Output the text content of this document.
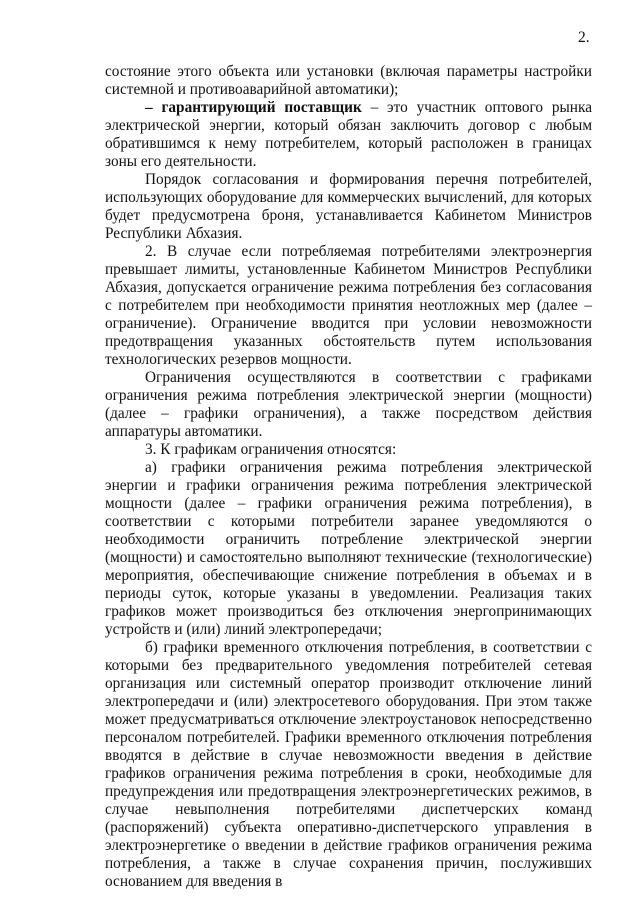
2.

состояние этого объекта или установки (включая параметры настройки системной и противоаварийной автоматики);

– гарантирующий поставщик – это участник оптового рынка электрической энергии, который обязан заключить договор с любым обратившимся к нему потребителем, который расположен в границах зоны его деятельности.

Порядок согласования и формирования перечня потребителей, использующих оборудование для коммерческих вычислений, для которых будет предусмотрена броня, устанавливается Кабинетом Министров Республики Абхазия.

2. В случае если потребляемая потребителями электроэнергия превышает лимиты, установленные Кабинетом Министров Республики Абхазия, допускается ограничение режима потребления без согласования с потребителем при необходимости принятия неотложных мер (далее – ограничение). Ограничение вводится при условии невозможности предотвращения указанных обстоятельств путем использования технологических резервов мощности.

Ограничения осуществляются в соответствии с графиками ограничения режима потребления электрической энергии (мощности) (далее – графики ограничения), а также посредством действия аппаратуры автоматики.

3. К графикам ограничения относятся:

а) графики ограничения режима потребления электрической энергии и графики ограничения режима потребления электрической мощности (далее – графики ограничения режима потребления), в соответствии с которыми потребители заранее уведомляются о необходимости ограничить потребление электрической энергии (мощности) и самостоятельно выполняют технические (технологические) мероприятия, обеспечивающие снижение потребления в объемах и в периоды суток, которые указаны в уведомлении. Реализация таких графиков может производиться без отключения энергопринимающих устройств и (или) линий электропередачи;

б) графики временного отключения потребления, в соответствии с которыми без предварительного уведомления потребителей сетевая организация или системный оператор производит отключение линий электропередачи и (или) электросетевого оборудования. При этом также может предусматриваться отключение электроустановок непосредственно персоналом потребителей. Графики временного отключения потребления вводятся в действие в случае невозможности введения в действие графиков ограничения режима потребления в сроки, необходимые для предупреждения или предотвращения электроэнергетических режимов, в случае невыполнения потребителями диспетчерских команд (распоряжений) субъекта оперативно-диспетчерского управления в электроэнергетике о введении в действие графиков ограничения режима потребления, а также в случае сохранения причин, послуживших основанием для введения в
